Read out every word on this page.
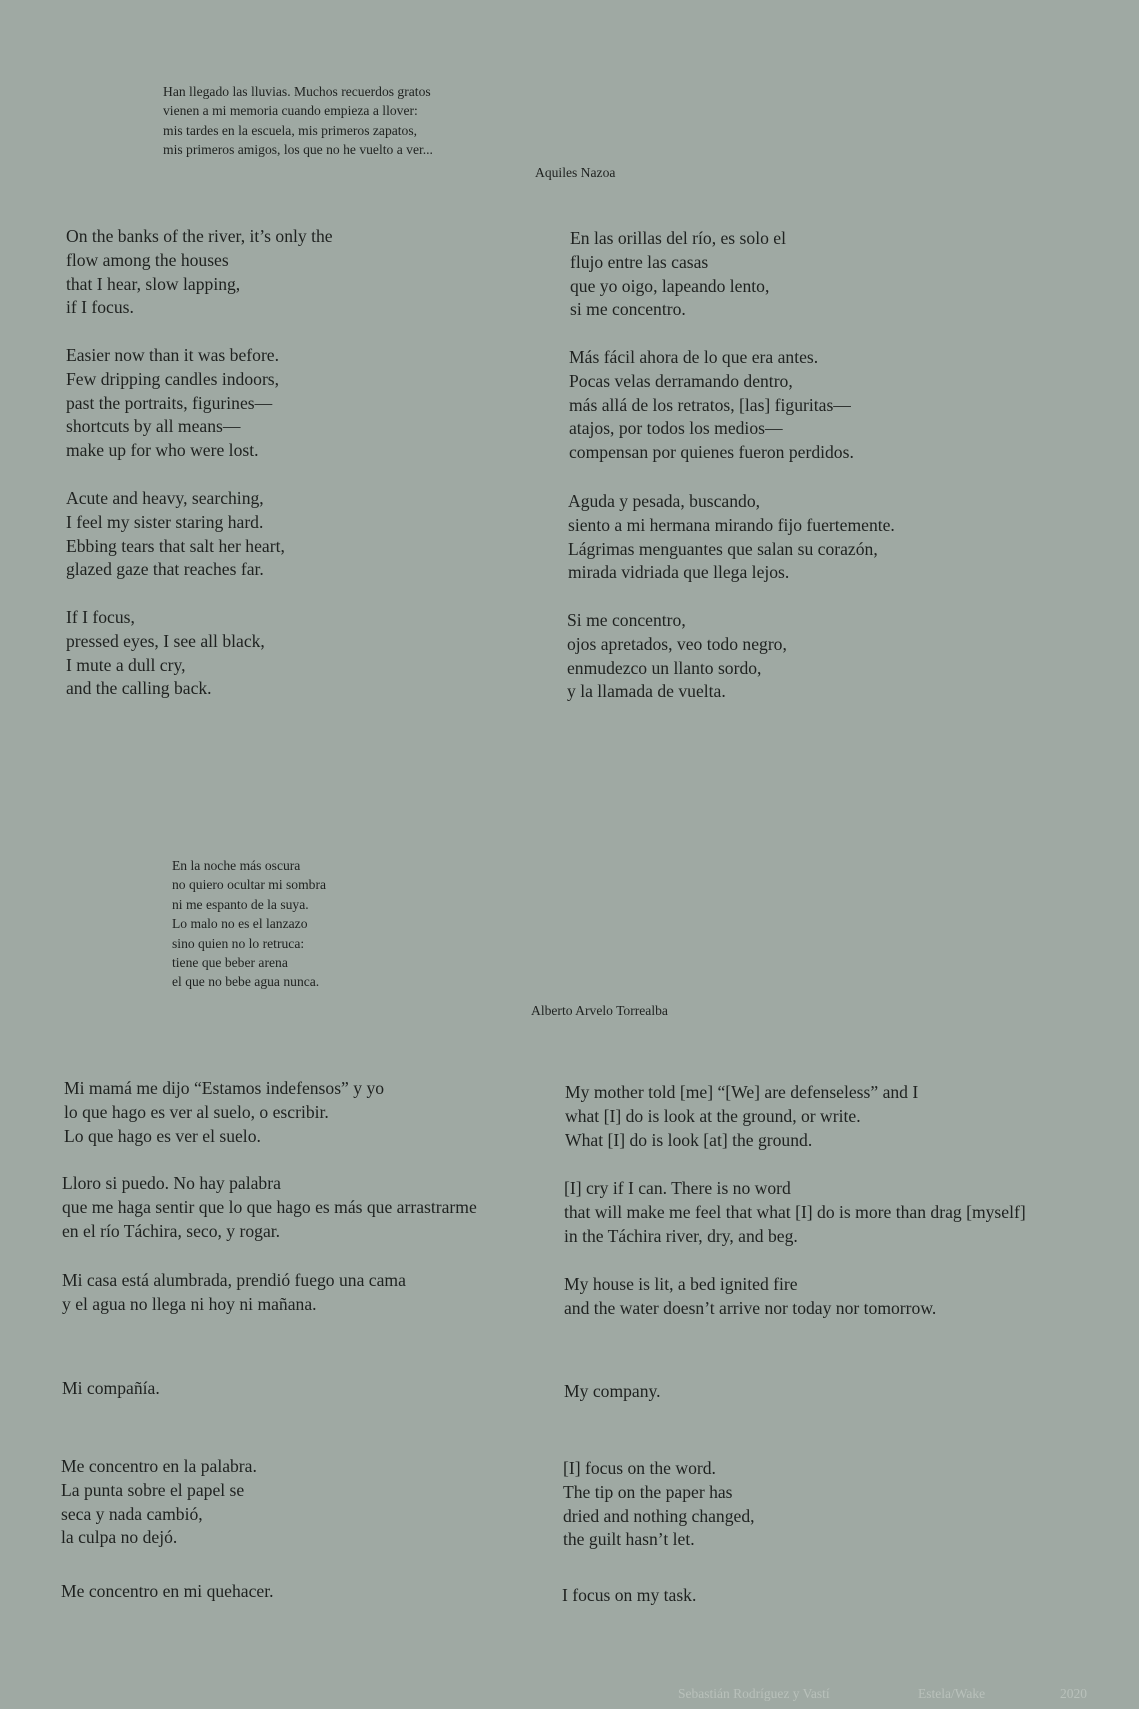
Han llegado las lluvias. Muchos recuerdos gratos
vienen a mi memoria cuando empieza a llover:
mis tardes en la escuela, mis primeros zapatos,
mis primeros amigos, los que no he vuelto a ver...
Aquiles Nazoa
On the banks of the river, it’s only the
flow among the houses
that I hear, slow lapping,
if I focus.
Easier now than it was before.
Few dripping candles indoors,
past the portraits, figurines—
shortcuts by all means—
make up for who were lost.
Acute and heavy, searching,
I feel my sister staring hard.
Ebbing tears that salt her heart,
glazed gaze that reaches far.
If I focus,
pressed eyes, I see all black,
I mute a dull cry,
and the calling back.
En las orillas del río, es solo el
flujo entre las casas
que yo oigo, lapeando lento,
si me concentro.
Más fácil ahora de lo que era antes.
Pocas velas derramando dentro,
más allá de los retratos, [las] figuritas—
atajos, por todos los medios—
compensan por quienes fueron perdidos.
Aguda y pesada, buscando,
siento a mi hermana mirando fijo fuertemente.
Lágrimas menguantes que salan su corazón,
mirada vidriada que llega lejos.
Si me concentro,
ojos apretados, veo todo negro,
enmudezco un llanto sordo,
y la llamada de vuelta.
En la noche más oscura
no quiero ocultar mi sombra
ni me espanto de la suya.
Lo malo no es el lanzazo
sino quien no lo retruca:
tiene que beber arena
el que no bebe agua nunca.
Alberto Arvelo Torrealba
Mi mamá me dijo “Estamos indefensos” y yo
lo que hago es ver al suelo, o escribir.
Lo que hago es ver el suelo.
Lloro si puedo. No hay palabra
que me haga sentir que lo que hago es más que arrastrarme
en el río Táchira, seco, y rogar.
Mi casa está alumbrada, prendió fuego una cama
y el agua no llega ni hoy ni mañana.
Mi compañía.
Me concentro en la palabra.
La punta sobre el papel se
seca y nada cambió,
la culpa no dejó.
Me concentro en mi quehacer.
My mother told [me] “[We] are defenseless” and I
what [I] do is look at the ground, or write.
What [I] do is look [at] the ground.
[I] cry if I can. There is no word
that will make me feel that what [I] do is more than drag [myself]
in the Táchira river, dry, and beg.
My house is lit, a bed ignited fire
and the water doesn’t arrive nor today nor tomorrow.
My company.
[I] focus on the word.
The tip on the paper has
dried and nothing changed,
the guilt hasn’t let.
I focus on my task.
Sebastián Rodríguez y Vastí	Estela/Wake	2020
